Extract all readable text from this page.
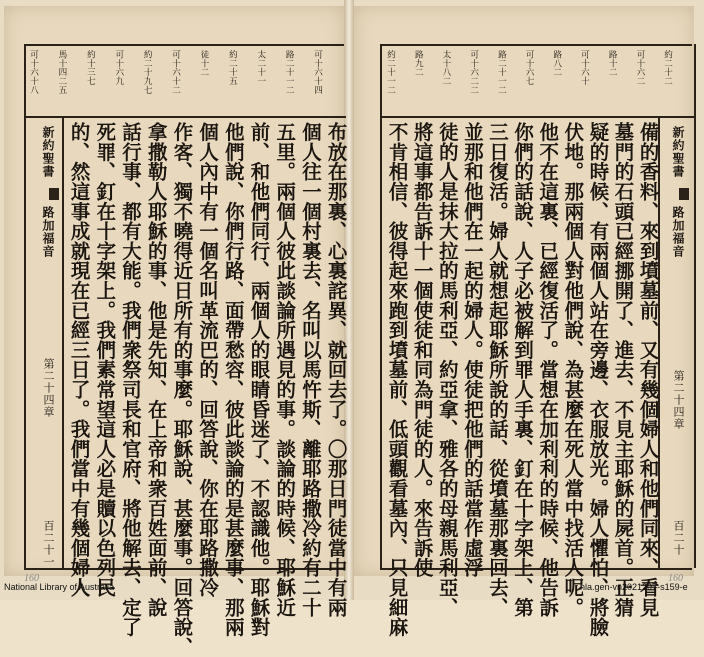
可十六十八 馬十四二五 約十三七 可十六九 約二十九七 可十六十二 徒十二 約二十五 太二十一 路二十一二 可十六十四
新約聖書
路加福音
第二十四章
百二十一 的、然這事成就現在已經三日了。我們當中有幾個婦人 死罪、釘在十字架上。我們素常望這人必是贖以色列民 話行事、都有大能。我們衆祭司長和官府、將他解去、定了 拿撒勒人耶穌的事、他是先知、在上帝和衆百姓面前、說 作客、獨不曉得近日所有的事麼。耶穌說、甚麼事。回答說、 個人內中有一個名叫革流巴的、回答說、你在耶路撒冷 他們說、你們行路、面帶愁容、彼此談論的是甚麼事、那兩 前、和他們同行、兩個人的眼睛昏迷了、不認識他。耶穌對 五里。兩個人彼此談論所遇見的事。談論的時候、耶穌近 個人往一個村裏去、名叫以馬忤斯、離耶路撒冷約有二十 布放在那裏、心裏詫異、就回去了。〇那日門徒當中有兩
約二十一二 路九二 太十八二 可十六二二 路二十一二 可十六七 路八二 可十六十 路十二 可十六二 約二十二
新約聖書
路加福音
第二十四章
百二十
不肯相信、彼得起來跑到墳墓前、低頭觀看墓內、只見細麻 將這事都告訴十一個使徒和同為門徒的人。來告訴使 徒的人是抹大拉的馬利亞、約亞拿、雅各的母親馬利亞、 並那和他們在一起的婦人。使徒把他們的話當作虛浮 三日復活。婦人就想起耶穌所說的話、從墳墓那裏回去、 你們的話說、人子必被解到罪人手裏、釘在十字架上、第 他不在這裏、已經復活了。當想在加利利的時候、他告訴 伏地。那兩個人對他們說、為甚麼在死人當中找活人呢。 疑的時候、有兩個人站在旁邊、衣服放光。婦人懼怕、將臉 墓門的石頭已經挪開了、進去、不見主耶穌的屍首。正猜 備的香料、來到墳墓前、又有幾個婦人和他們同來、看見
160	160
National Library of Australia	nla.gen-vn2021207-s159-e
